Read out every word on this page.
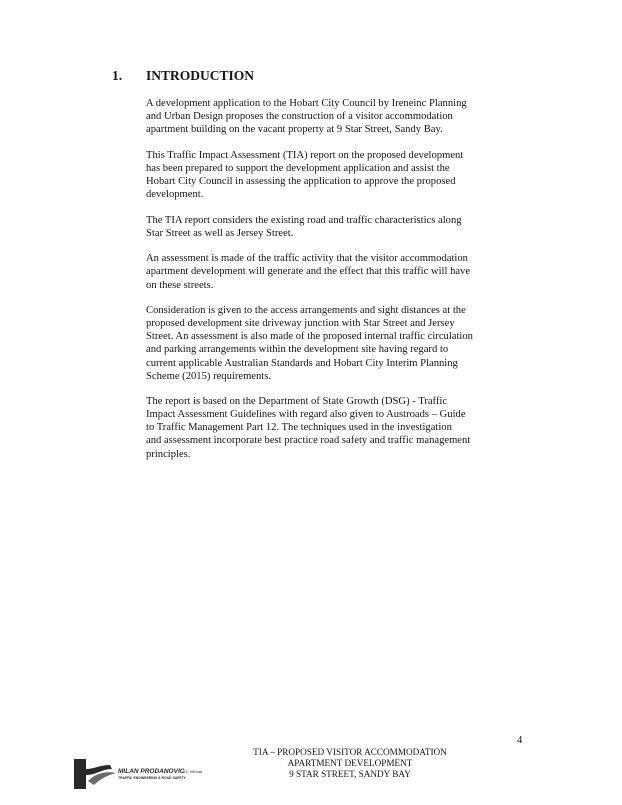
1. INTRODUCTION

A development application to the Hobart City Council by Ireneinc Planning
and Urban Design proposes the construction of a visitor accommodation
apartment building on the vacant property at 9 Star Street, Sandy Bay.

This Traffic Impact Assessment (TIA) report on the proposed development
has been prepared to support the development application and assist the
Hobart City Council in assessing the application to approve the proposed
development.

The TIA report considers the existing road and traffic characteristics along
Star Street as well as Jersey Street.

An assessment is made of the traffic activity that the visitor accommodation
apartment development will generate and the effect that this traffic will have
on these streets.

Consideration is given to the access arrangements and sight distances at the
proposed development site driveway junction with Star Street and Jersey
Street. An assessment is also made of the proposed internal traffic circulation
and parking arrangements within the development site having regard to
current applicable Australian Standards and Hobart City Interim Planning
Scheme (2015) requirements.

The report is based on the Department of State Growth (DSG) - Traffic
Impact Assessment Guidelines with regard also given to Austroads – Guide
to Traffic Management Part 12. The techniques used in the investigation
and assessment incorporate best practice road safety and traffic management
principles.

4
TIA – PROPOSED VISITOR ACCOMMODATION
APARTMENT DEVELOPMENT
9 STAR STREET, SANDY BAY
MILAN PRODANOVIC
B.E. MIEAust
TRAFFIC ENGINEERING & ROAD SAFETY
